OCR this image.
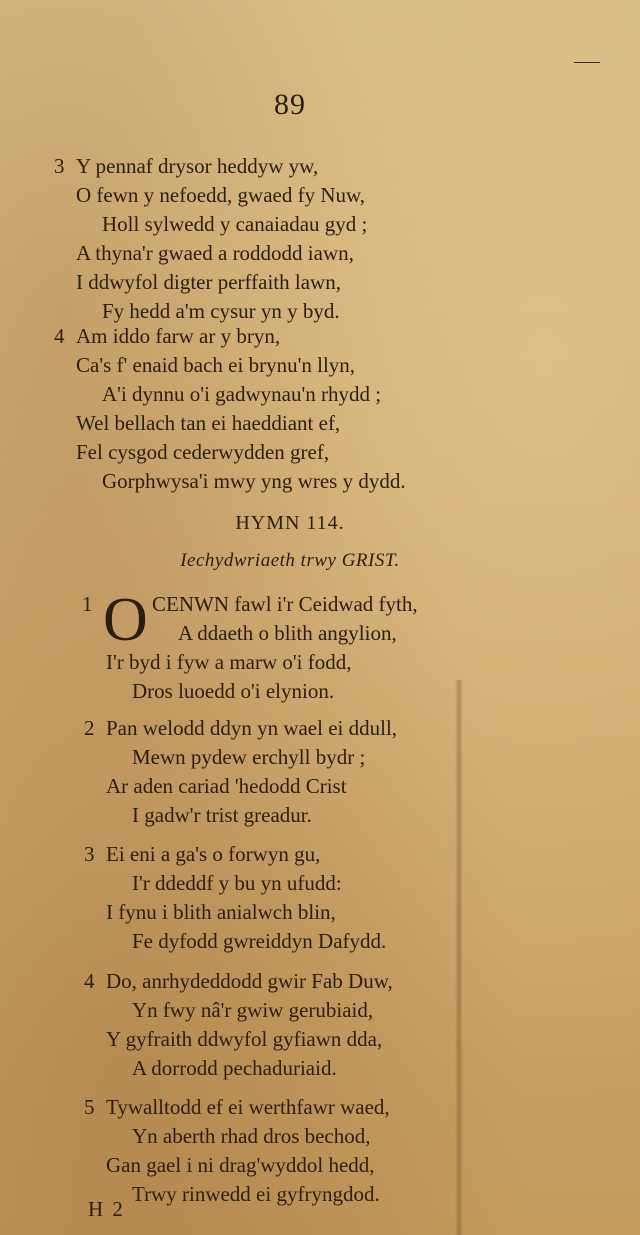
89
3 Y pennaf drysor heddyw yw,
O fewn y nefoedd, gwaed fy Nuw,
Holl sylwedd y canaiadau gyd ;
A thyna'r gwaed a roddodd iawn,
I ddwyfol digter perffaith lawn,
Fy hedd a'm cysur yn y byd.
4 Am iddo farw ar y bryn,
Ca's f' enaid bach ei brynu'n llyn,
A'i dynnu o'i gadwynau'n rhydd ;
Wel bellach tan ei haeddiant ef,
Fel cysgod cederwydden gref,
Gorphwysa'i mwy yng wres y dydd.
HYMN 114.
Iechydwriaeth trwy GRIST.
1 O CENWN fawl i'r Ceidwad fyth,
A ddaeth o blith angylion,
I'r byd i fyw a marw o'i fodd,
Dros luoedd o'i elynion.
2 Pan welodd ddyn yn wael ei ddull,
Mewn pydew erchyll bydr ;
Ar aden cariad 'hedodd Crist
I gadw'r trist greadur.
3 Ei eni a ga's o forwyn gu,
I'r ddeddf y bu yn ufudd:
I fynu i blith anialwch blin,
Fe dyfodd gwreiddyn Dafydd.
4 Do, anrhydeddodd gwir Fab Duw,
Yn fwy nâ'r gwiw gerubiaid,
Y gyfraith ddwyfol gyfiawn dda,
A dorrodd pechaduriaid.
5 Tywalltodd ef ei werthfawr waed,
Yn aberth rhad dros bechod,
Gan gael i ni drag'wyddol hedd,
Trwy rinwedd ei gyfryngdod.
H 2
